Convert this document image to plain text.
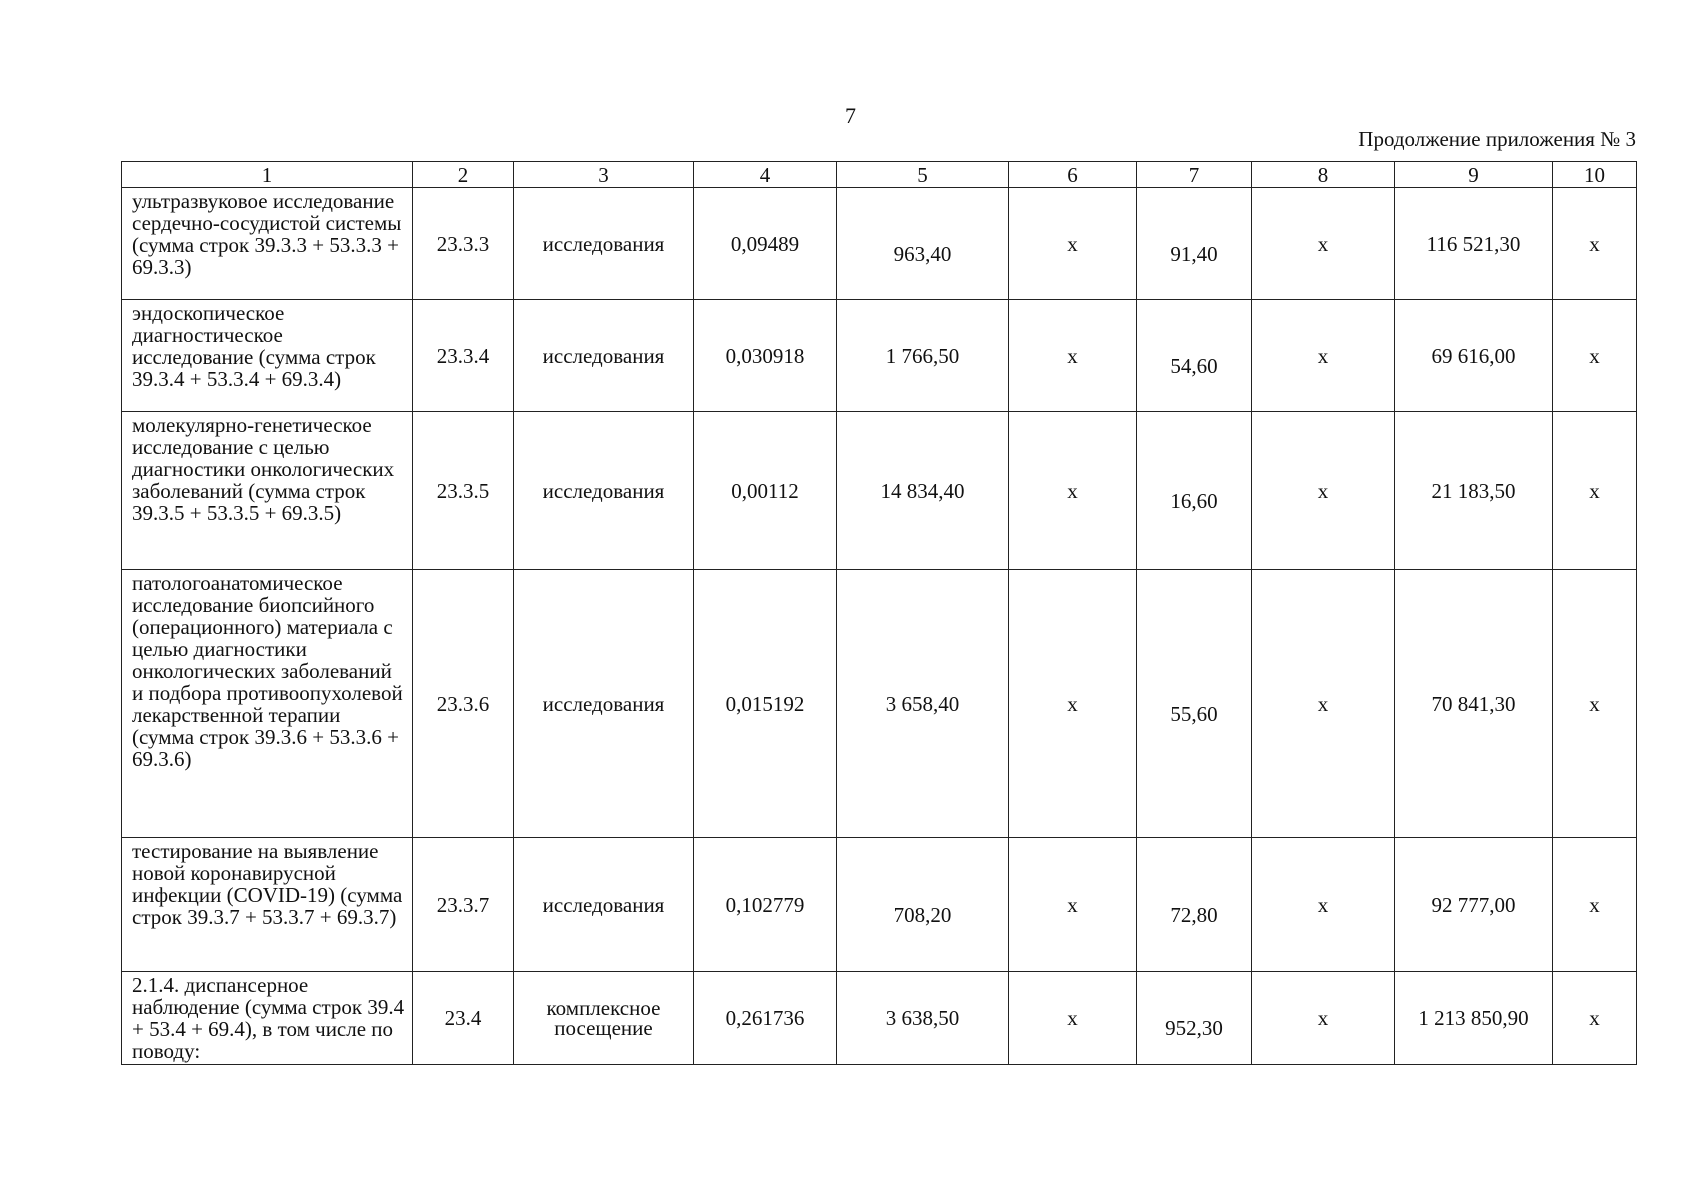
7
Продолжение приложения № 3
1	2	3	4	5	6	7	8	9	10
ультразвуковое исследование сердечно-сосудистой системы (сумма строк 39.3.3 + 53.3.3 + 69.3.3)	23.3.3	исследования	0,09489	963,40	х	91,40	х	116 521,30	х
эндоскопическое диагностическое исследование (сумма строк 39.3.4 + 53.3.4 + 69.3.4)	23.3.4	исследования	0,030918	1 766,50	х	54,60	х	69 616,00	х
молекулярно-генетическое исследование с целью диагностики онкологических заболеваний (сумма строк 39.3.5 + 53.3.5 + 69.3.5)	23.3.5	исследования	0,00112	14 834,40	х	16,60	х	21 183,50	х
патологоанатомическое исследование биопсийного (операционного) материала с целью диагностики онкологических заболеваний и подбора противоопухолевой лекарственной терапии (сумма строк 39.3.6 + 53.3.6 + 69.3.6)	23.3.6	исследования	0,015192	3 658,40	х	55,60	х	70 841,30	х
тестирование на выявление новой коронавирусной инфекции (COVID-19) (сумма строк 39.3.7 + 53.3.7 + 69.3.7)	23.3.7	исследования	0,102779	708,20	х	72,80	х	92 777,00	х
2.1.4. диспансерное наблюдение (сумма строк 39.4 + 53.4 + 69.4), в том числе по поводу:	23.4	комплексное посещение	0,261736	3 638,50	х	952,30	х	1 213 850,90	х
